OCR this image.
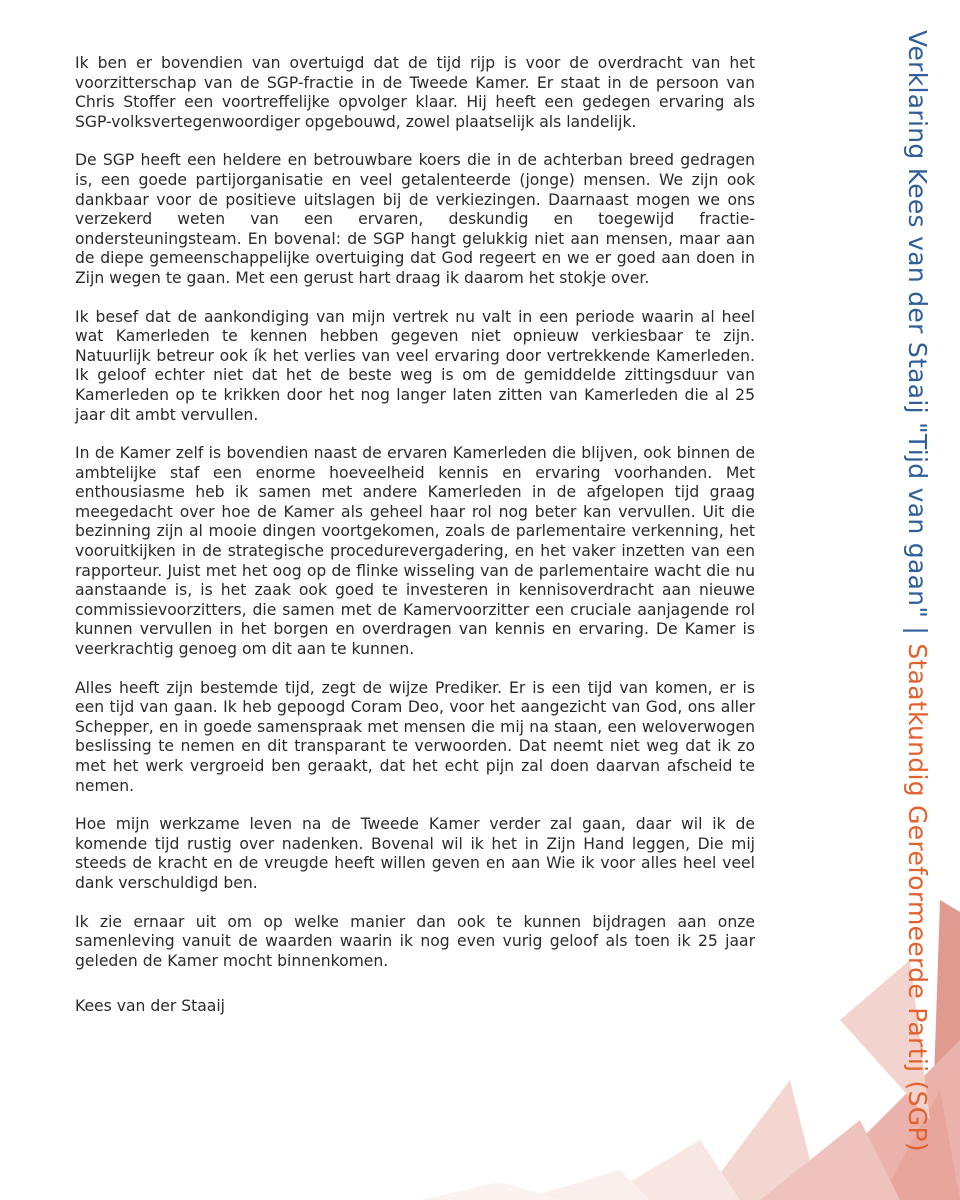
Ik ben er bovendien van overtuigd dat de tijd rijp is voor de overdracht van het voorzitterschap van de SGP-fractie in de Tweede Kamer. Er staat in de persoon van Chris Stoffer een voortreffelijke opvolger klaar. Hij heeft een gedegen ervaring als SGP-volksvertegenwoordiger opgebouwd, zowel plaatselijk als landelijk.

De SGP heeft een heldere en betrouwbare koers die in de achterban breed gedragen is, een goede partijorganisatie en veel getalenteerde (jonge) mensen. We zijn ook dankbaar voor de positieve uitslagen bij de verkiezingen. Daarnaast mogen we ons verzekerd weten van een ervaren, deskundig en toegewijd fractie-ondersteuningsteam. En bovenal: de SGP hangt gelukkig niet aan mensen, maar aan de diepe gemeenschappelijke overtuiging dat God regeert en we er goed aan doen in Zijn wegen te gaan. Met een gerust hart draag ik daarom het stokje over.

Ik besef dat de aankondiging van mijn vertrek nu valt in een periode waarin al heel wat Kamerleden te kennen hebben gegeven niet opnieuw verkiesbaar te zijn. Natuurlijk betreur ook ík het verlies van veel ervaring door vertrekkende Kamerleden. Ik geloof echter niet dat het de beste weg is om de gemiddelde zittingsduur van Kamerleden op te krikken door het nog langer laten zitten van Kamerleden die al 25 jaar dit ambt vervullen.

In de Kamer zelf is bovendien naast de ervaren Kamerleden die blijven, ook binnen de ambtelijke staf een enorme hoeveelheid kennis en ervaring voorhanden. Met enthousiasme heb ik samen met andere Kamerleden in de afgelopen tijd graag meegedacht over hoe de Kamer als geheel haar rol nog beter kan vervullen. Uit die bezinning zijn al mooie dingen voortgekomen, zoals de parlementaire verkenning, het vooruitkijken in de strategische procedurevergadering, en het vaker inzetten van een rapporteur. Juist met het oog op de flinke wisseling van de parlementaire wacht die nu aanstaande is, is het zaak ook goed te investeren in kennisoverdracht aan nieuwe commissievoorzitters, die samen met de Kamervoorzitter een cruciale aanjagende rol kunnen vervullen in het borgen en overdragen van kennis en ervaring. De Kamer is veerkrachtig genoeg om dit aan te kunnen.

Alles heeft zijn bestemde tijd, zegt de wijze Prediker. Er is een tijd van komen, er is een tijd van gaan. Ik heb gepoogd Coram Deo, voor het aangezicht van God, ons aller Schepper, en in goede samenspraak met mensen die mij na staan, een weloverwogen beslissing te nemen en dit transparant te verwoorden. Dat neemt niet weg dat ik zo met het werk vergroeid ben geraakt, dat het echt pijn zal doen daarvan afscheid te nemen.

Hoe mijn werkzame leven na de Tweede Kamer verder zal gaan, daar wil ik de komende tijd rustig over nadenken. Bovenal wil ik het in Zijn Hand leggen, Die mij steeds de kracht en de vreugde heeft willen geven en aan Wie ik voor alles heel veel dank verschuldigd ben.

Ik zie ernaar uit om op welke manier dan ook te kunnen bijdragen aan onze samenleving vanuit de waarden waarin ik nog even vurig geloof als toen ik 25 jaar geleden de Kamer mocht binnenkomen.

Kees van der Staaij

Verklaring Kees van der Staaij "Tijd van gaan" | Staatkundig Gereformeerde Partij (SGP)
